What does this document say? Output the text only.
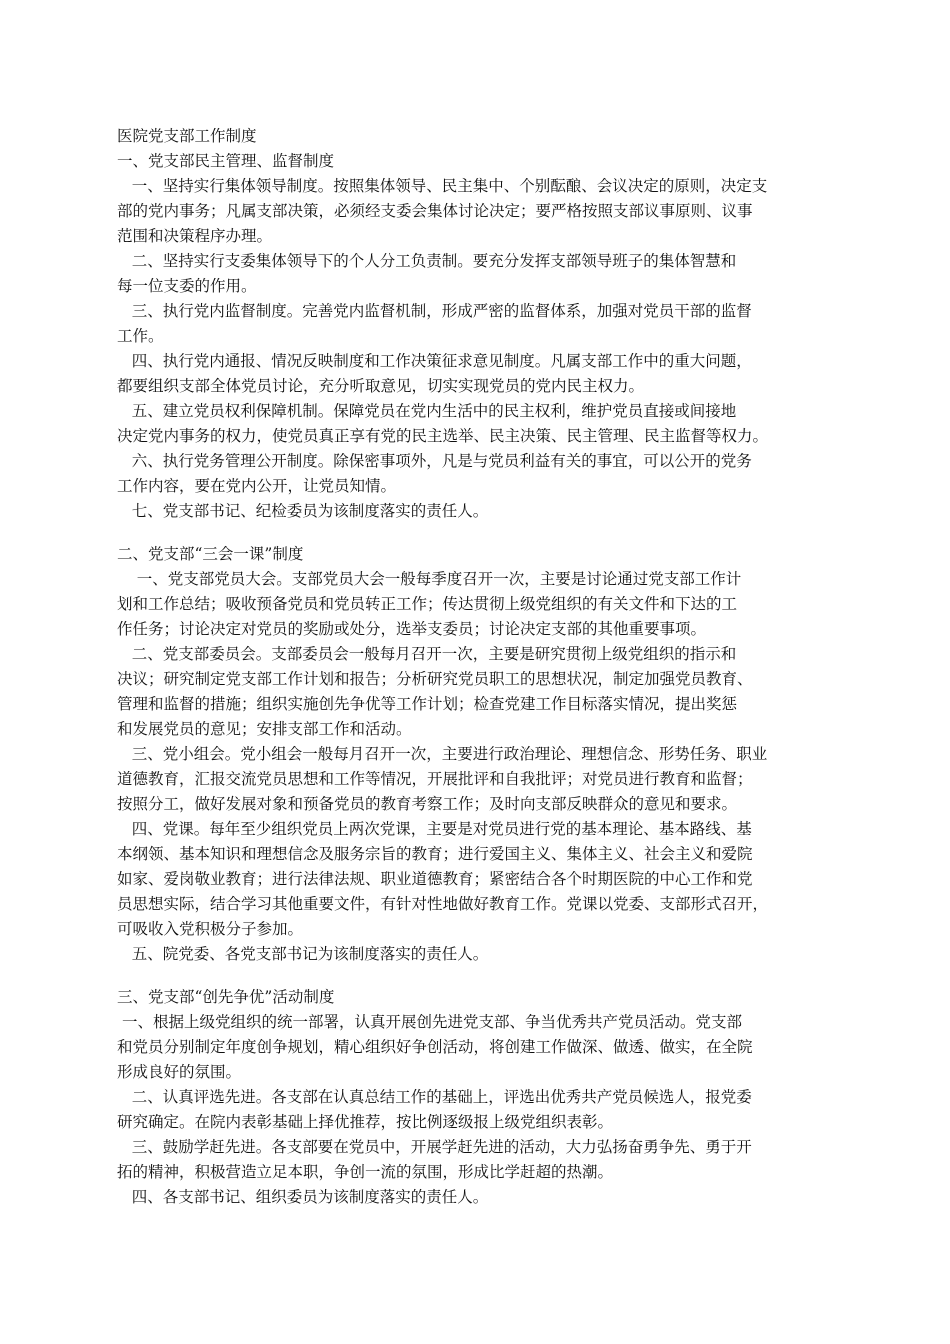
医院党支部工作制度

一、党支部民主管理、监督制度

一、坚持实行集体领导制度。按照集体领导、民主集中、个别酝酿、会议决定的原则，决定支

部的党内事务；凡属支部决策，必须经支委会集体讨论决定；要严格按照支部议事原则、议事

范围和决策程序办理。

二、坚持实行支委集体领导下的个人分工负责制。要充分发挥支部领导班子的集体智慧和

每一位支委的作用。

三、执行党内监督制度。完善党内监督机制，形成严密的监督体系，加强对党员干部的监督

工作。

四、执行党内通报、情况反映制度和工作决策征求意见制度。凡属支部工作中的重大问题，

都要组织支部全体党员讨论，充分听取意见，切实实现党员的党内民主权力。

五、建立党员权利保障机制。保障党员在党内生活中的民主权利，维护党员直接或间接地

决定党内事务的权力，使党员真正享有党的民主选举、民主决策、民主管理、民主监督等权力。

六、执行党务管理公开制度。除保密事项外，凡是与党员利益有关的事宜，可以公开的党务

工作内容，要在党内公开，让党员知情。

七、党支部书记、纪检委员为该制度落实的责任人。

二、党支部“三会一课”制度

一、党支部党员大会。支部党员大会一般每季度召开一次，主要是讨论通过党支部工作计

划和工作总结；吸收预备党员和党员转正工作；传达贯彻上级党组织的有关文件和下达的工

作任务；讨论决定对党员的奖励或处分，选举支委员；讨论决定支部的其他重要事项。

二、党支部委员会。支部委员会一般每月召开一次，主要是研究贯彻上级党组织的指示和

决议；研究制定党支部工作计划和报告；分析研究党员职工的思想状况，制定加强党员教育、

管理和监督的措施；组织实施创先争优等工作计划；检查党建工作目标落实情况，提出奖惩

和发展党员的意见；安排支部工作和活动。

三、党小组会。党小组会一般每月召开一次，主要进行政治理论、理想信念、形势任务、职业

道德教育，汇报交流党员思想和工作等情况，开展批评和自我批评；对党员进行教育和监督；

按照分工，做好发展对象和预备党员的教育考察工作；及时向支部反映群众的意见和要求。

四、党课。每年至少组织党员上两次党课，主要是对党员进行党的基本理论、基本路线、基

本纲领、基本知识和理想信念及服务宗旨的教育；进行爱国主义、集体主义、社会主义和爱院

如家、爱岗敬业教育；进行法律法规、职业道德教育；紧密结合各个时期医院的中心工作和党

员思想实际，结合学习其他重要文件，有针对性地做好教育工作。党课以党委、支部形式召开，

可吸收入党积极分子参加。

五、院党委、各党支部书记为该制度落实的责任人。

三、党支部“创先争优”活动制度

一、根据上级党组织的统一部署，认真开展创先进党支部、争当优秀共产党员活动。党支部

和党员分别制定年度创争规划，精心组织好争创活动，将创建工作做深、做透、做实，在全院

形成良好的氛围。

二、认真评选先进。各支部在认真总结工作的基础上，评选出优秀共产党员候选人，报党委

研究确定。在院内表彰基础上择优推荐，按比例逐级报上级党组织表彰。

三、鼓励学赶先进。各支部要在党员中，开展学赶先进的活动，大力弘扬奋勇争先、勇于开

拓的精神，积极营造立足本职，争创一流的氛围，形成比学赶超的热潮。

四、各支部书记、组织委员为该制度落实的责任人。
